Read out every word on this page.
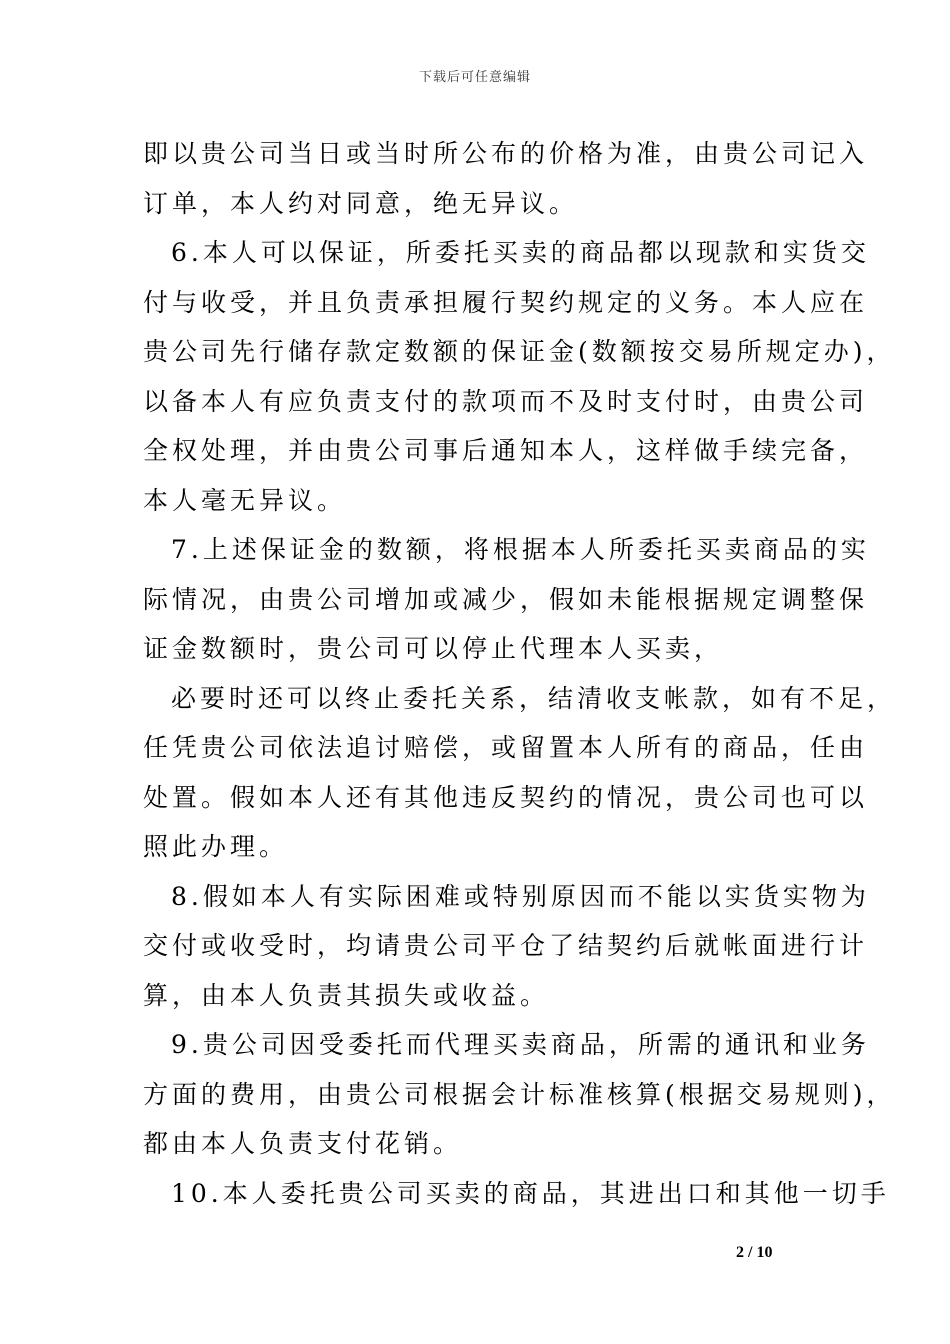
下载后可任意编辑
即以贵公司当日或当时所公布的价格为准，由贵公司记入
订单，本人约对同意，绝无异议。
6.本人可以保证，所委托买卖的商品都以现款和实货交
付与收受，并且负责承担履行契约规定的义务。本人应在
贵公司先行储存款定数额的保证金(数额按交易所规定办)，
以备本人有应负责支付的款项而不及时支付时，由贵公司
全权处理，并由贵公司事后通知本人，这样做手续完备，
本人毫无异议。
7.上述保证金的数额，将根据本人所委托买卖商品的实
际情况，由贵公司增加或减少，假如未能根据规定调整保
证金数额时，贵公司可以停止代理本人买卖，
必要时还可以终止委托关系，结清收支帐款，如有不足，
任凭贵公司依法追讨赔偿，或留置本人所有的商品，任由
处置。假如本人还有其他违反契约的情况，贵公司也可以
照此办理。
8.假如本人有实际困难或特别原因而不能以实货实物为
交付或收受时，均请贵公司平仓了结契约后就帐面进行计
算，由本人负责其损失或收益。
9.贵公司因受委托而代理买卖商品，所需的通讯和业务
方面的费用，由贵公司根据会计标准核算(根据交易规则)，
都由本人负责支付花销。
10.本人委托贵公司买卖的商品，其进出口和其他一切手
2 / 10
